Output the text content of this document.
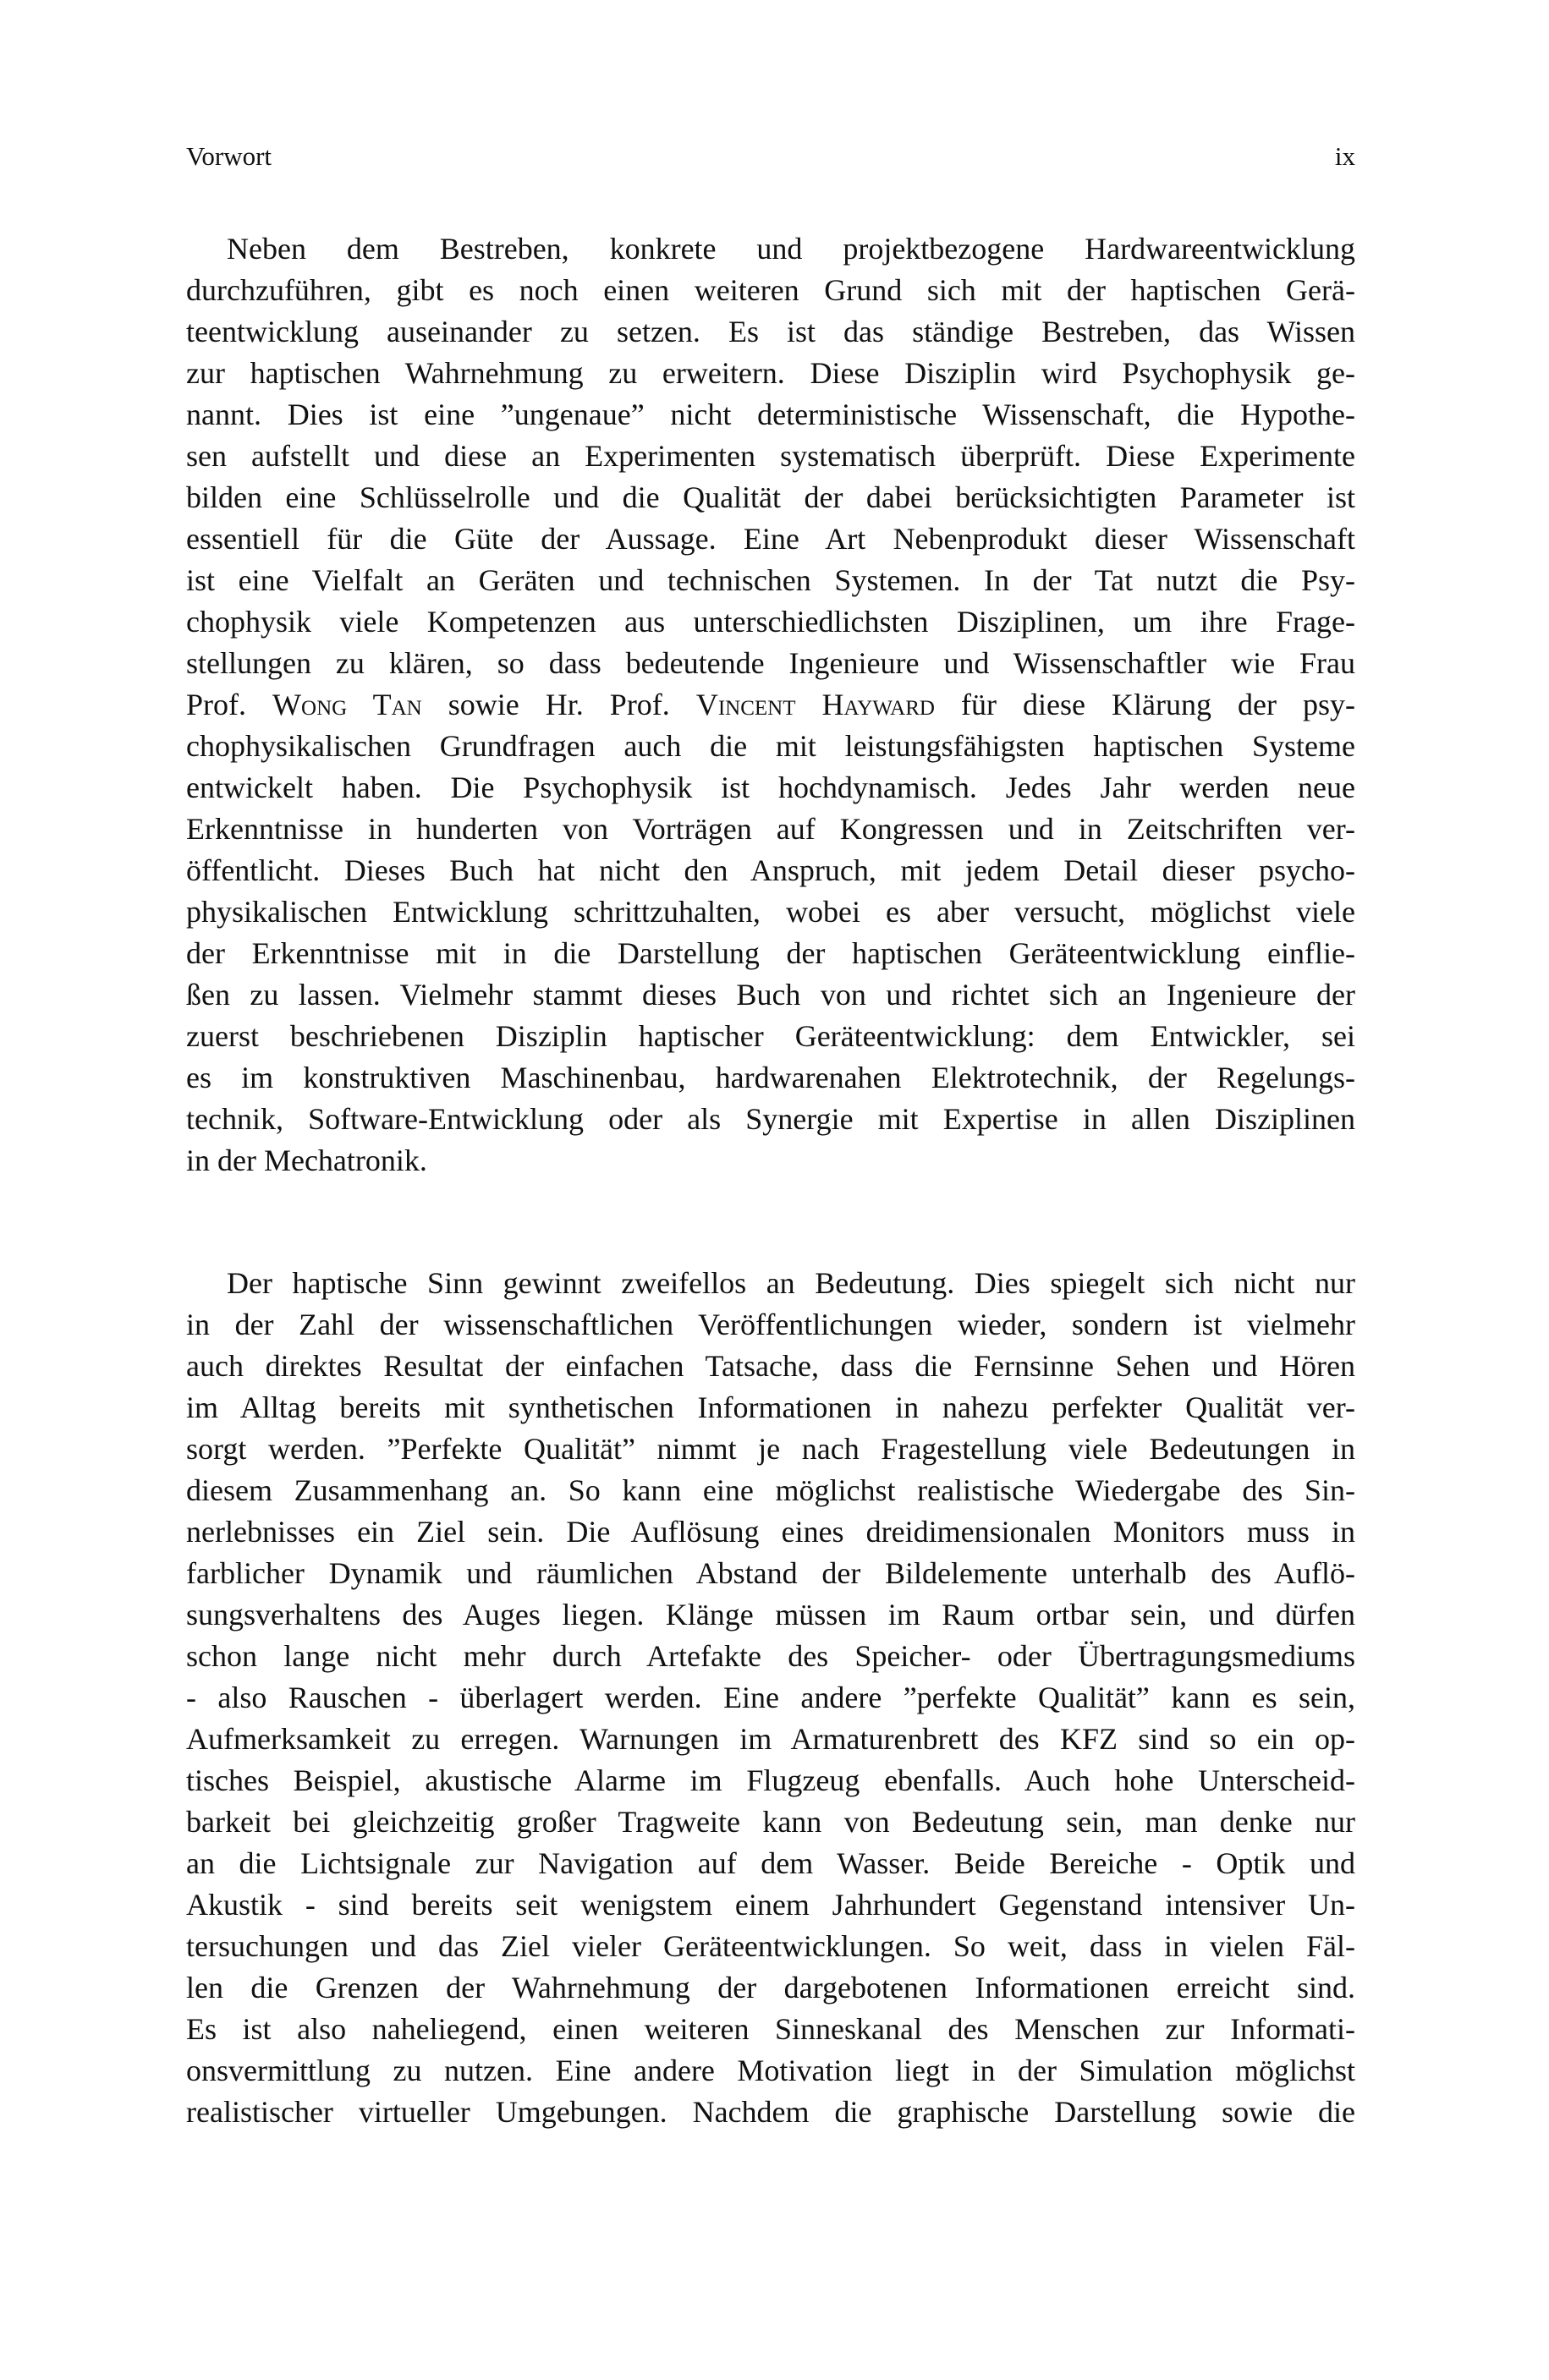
Vorwort	ix
Neben dem Bestreben, konkrete und projektbezogene Hardwareentwicklung
durchzuführen, gibt es noch einen weiteren Grund sich mit der haptischen Gerä-
teentwicklung auseinander zu setzen. Es ist das ständige Bestreben, das Wissen
zur haptischen Wahrnehmung zu erweitern. Diese Disziplin wird Psychophysik ge-
nannt. Dies ist eine ”ungenaue” nicht deterministische Wissenschaft, die Hypothe-
sen aufstellt und diese an Experimenten systematisch überprüft. Diese Experimente
bilden eine Schlüsselrolle und die Qualität der dabei berücksichtigten Parameter ist
essentiell für die Güte der Aussage. Eine Art Nebenprodukt dieser Wissenschaft
ist eine Vielfalt an Geräten und technischen Systemen. In der Tat nutzt die Psy-
chophysik viele Kompetenzen aus unterschiedlichsten Disziplinen, um ihre Frage-
stellungen zu klären, so dass bedeutende Ingenieure und Wissenschaftler wie Frau
Prof. Wong Tan sowie Hr. Prof. Vincent Hayward für diese Klärung der psy-
chophysikalischen Grundfragen auch die mit leistungsfähigsten haptischen Systeme
entwickelt haben. Die Psychophysik ist hochdynamisch. Jedes Jahr werden neue
Erkenntnisse in hunderten von Vorträgen auf Kongressen und in Zeitschriften ver-
öffentlicht. Dieses Buch hat nicht den Anspruch, mit jedem Detail dieser psycho-
physikalischen Entwicklung schrittzuhalten, wobei es aber versucht, möglichst viele
der Erkenntnisse mit in die Darstellung der haptischen Geräteentwicklung einflie-
ßen zu lassen. Vielmehr stammt dieses Buch von und richtet sich an Ingenieure der
zuerst beschriebenen Disziplin haptischer Geräteentwicklung: dem Entwickler, sei
es im konstruktiven Maschinenbau, hardwarenahen Elektrotechnik, der Regelungs-
technik, Software-Entwicklung oder als Synergie mit Expertise in allen Disziplinen
in der Mechatronik.
Der haptische Sinn gewinnt zweifellos an Bedeutung. Dies spiegelt sich nicht nur
in der Zahl der wissenschaftlichen Veröffentlichungen wieder, sondern ist vielmehr
auch direktes Resultat der einfachen Tatsache, dass die Fernsinne Sehen und Hören
im Alltag bereits mit synthetischen Informationen in nahezu perfekter Qualität ver-
sorgt werden. ”Perfekte Qualität” nimmt je nach Fragestellung viele Bedeutungen in
diesem Zusammenhang an. So kann eine möglichst realistische Wiedergabe des Sin-
nerlebnisses ein Ziel sein. Die Auflösung eines dreidimensionalen Monitors muss in
farblicher Dynamik und räumlichen Abstand der Bildelemente unterhalb des Auflö-
sungsverhaltens des Auges liegen. Klänge müssen im Raum ortbar sein, und dürfen
schon lange nicht mehr durch Artefakte des Speicher- oder Übertragungsmediums
- also Rauschen - überlagert werden. Eine andere ”perfekte Qualität” kann es sein,
Aufmerksamkeit zu erregen. Warnungen im Armaturenbrett des KFZ sind so ein op-
tisches Beispiel, akustische Alarme im Flugzeug ebenfalls. Auch hohe Unterscheid-
barkeit bei gleichzeitig großer Tragweite kann von Bedeutung sein, man denke nur
an die Lichtsignale zur Navigation auf dem Wasser. Beide Bereiche - Optik und
Akustik - sind bereits seit wenigstem einem Jahrhundert Gegenstand intensiver Un-
tersuchungen und das Ziel vieler Geräteentwicklungen. So weit, dass in vielen Fäl-
len die Grenzen der Wahrnehmung der dargebotenen Informationen erreicht sind.
Es ist also naheliegend, einen weiteren Sinneskanal des Menschen zur Informati-
onsvermittlung zu nutzen. Eine andere Motivation liegt in der Simulation möglichst
realistischer virtueller Umgebungen. Nachdem die graphische Darstellung sowie die
